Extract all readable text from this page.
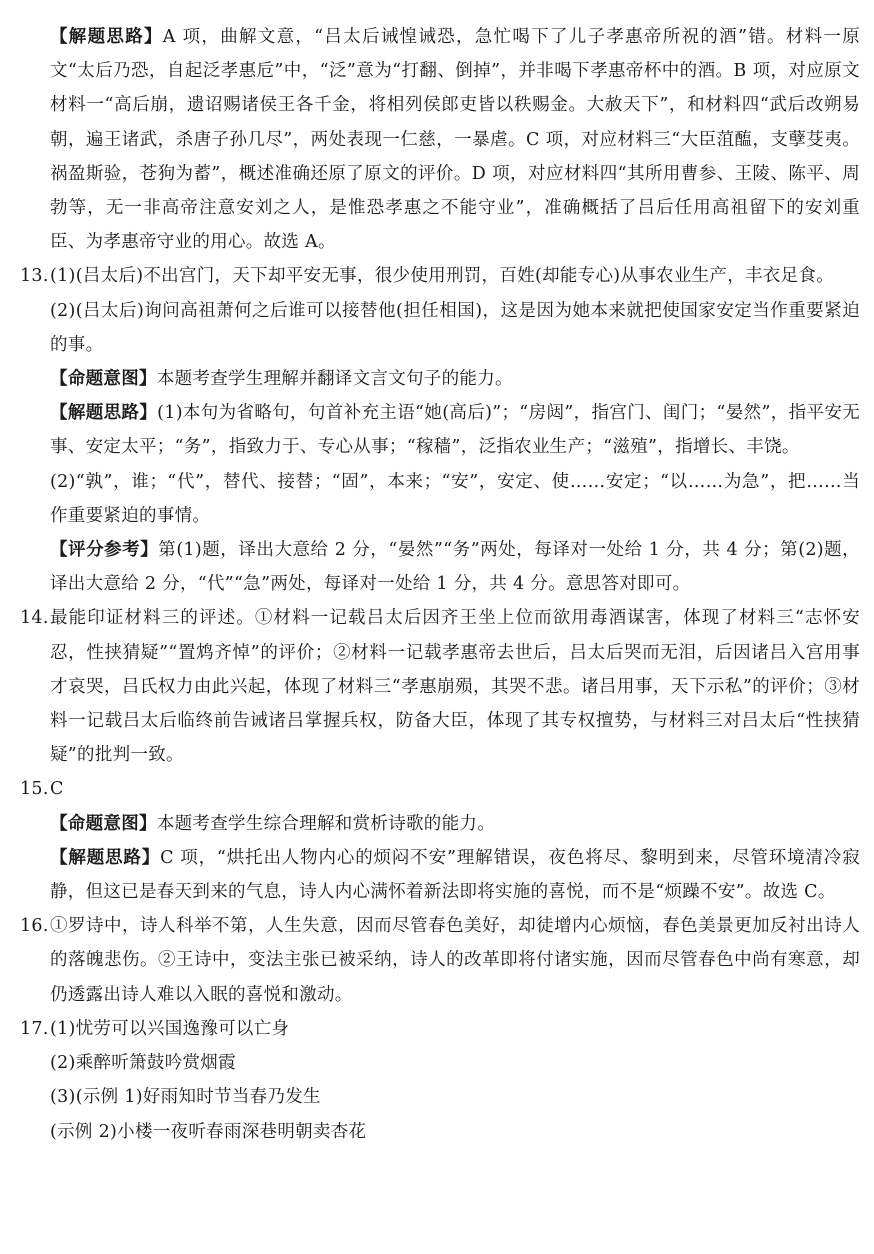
【解题思路】A 项，曲解文意，“吕太后诫惶诫恐，急忙喝下了儿子孝惠帝所祝的酒”错。材料一原文“太后乃恐，自起泛孝惠卮”中，“泛”意为“打翻、倒掉”，并非喝下孝惠帝杯中的酒。B 项，对应原文材料一“高后崩，遗诏赐诸侯王各千金，将相列侯郎吏皆以秩赐金。大赦天下”，和材料四“武后改朔易朝，遍王诸武，杀唐子孙几尽”，两处表现一仁慈，一暴虐。C 项，对应材料三“大臣菹醢，支孽芟夷。祸盈斯验，苍狗为蓄”，概述准确还原了原文的评价。D 项，对应材料四“其所用曹参、王陵、陈平、周勃等，无一非高帝注意安刘之人，是惟恐孝惠之不能守业”，准确概括了吕后任用高祖留下的安刘重臣、为孝惠帝守业的用心。故选 A。
13. (1)(吕太后)不出宫门，天下却平安无事，很少使用刑罚，百姓(却能专心)从事农业生产，丰衣足食。
(2)(吕太后)询问高祖萧何之后谁可以接替他(担任相国)，这是因为她本来就把使国家安定当作重要紧迫的事。
【命题意图】本题考查学生理解并翻译文言文句子的能力。
【解题思路】(1)本句为省略句，句首补充主语“她(高后)”；“房闼”，指宫门、闺门；“晏然”，指平安无事、安定太平；“务”，指致力于、专心从事；“稼穑”，泛指农业生产；“滋殖”，指增长、丰饶。
(2)“孰”，谁；“代”，替代、接替；“固”，本来；“安”，安定、使……安定；“以……为急”，把……当作重要紧迫的事情。
【评分参考】第(1)题，译出大意给 2 分，“晏然”“务”两处，每译对一处给 1 分，共 4 分；第(2)题，译出大意给 2 分，“代”“急”两处，每译对一处给 1 分，共 4 分。意思答对即可。
14. 最能印证材料三的评述。①材料一记载吕太后因齐王坐上位而欲用毒酒谋害，体现了材料三“志怀安忍，性挟猜疑”“置鸩齐悼”的评价；②材料一记载孝惠帝去世后，吕太后哭而无泪，后因诸吕入宫用事才哀哭，吕氏权力由此兴起，体现了材料三“孝惠崩殒，其哭不悲。诸吕用事，天下示私”的评价；③材料一记载吕太后临终前告诫诸吕掌握兵权，防备大臣，体现了其专权擅势，与材料三对吕太后“性挟猜疑”的批判一致。
15. C
【命题意图】本题考查学生综合理解和赏析诗歌的能力。
【解题思路】C 项，“烘托出人物内心的烦闷不安”理解错误，夜色将尽、黎明到来，尽管环境清冷寂静，但这已是春天到来的气息，诗人内心满怀着新法即将实施的喜悦，而不是“烦躁不安”。故选 C。
16. ①罗诗中，诗人科举不第，人生失意，因而尽管春色美好，却徒增内心烦恼，春色美景更加反衬出诗人的落魄悲伤。②王诗中，变法主张已被采纳，诗人的改革即将付诸实施，因而尽管春色中尚有寒意，却仍透露出诗人难以入眠的喜悦和激动。
17. (1)忧劳可以兴国逸豫可以亡身
(2)乘醉听箫鼓吟赏烟霞
(3)(示例 1)好雨知时节当春乃发生
(示例 2)小楼一夜听春雨深巷明朝卖杏花
